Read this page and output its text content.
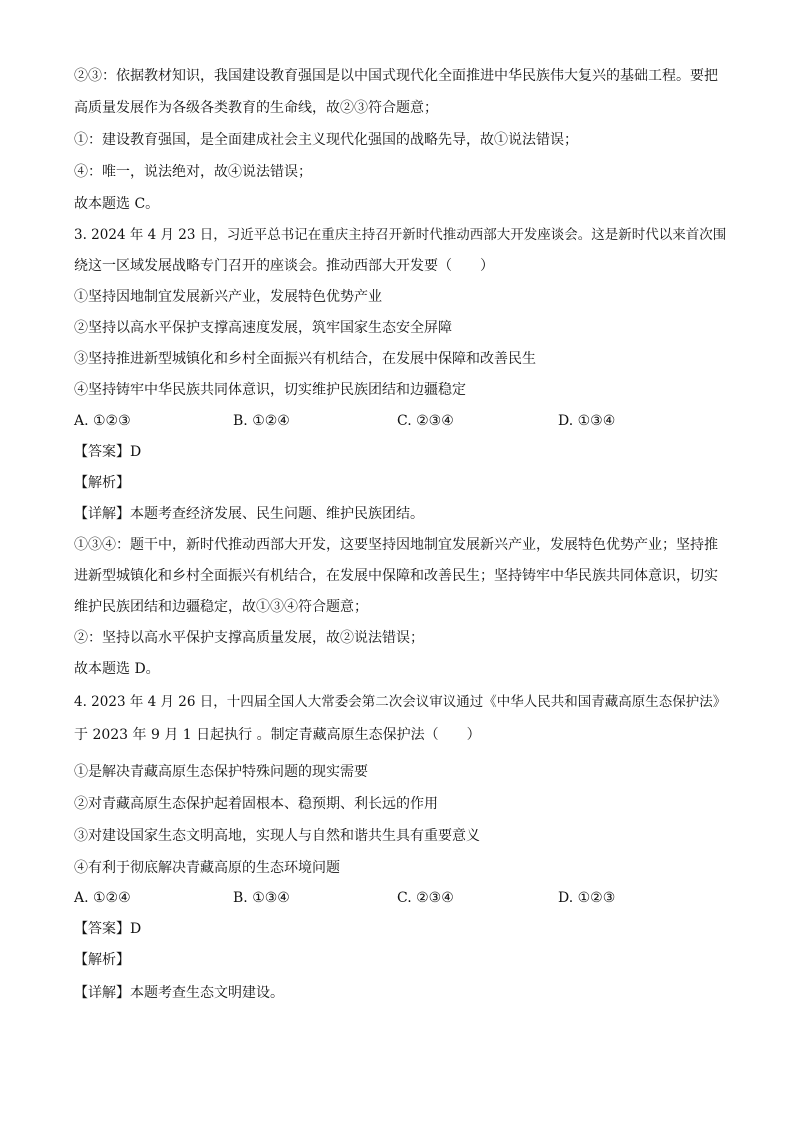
②③：依据教材知识，我国建设教育强国是以中国式现代化全面推进中华民族伟大复兴的基础工程。要把
高质量发展作为各级各类教育的生命线，故②③符合题意；
①：建设教育强国，是全面建成社会主义现代化强国的战略先导，故①说法错误；
④：唯一，说法绝对，故④说法错误；
故本题选 C。
3. 2024 年 4 月 23 日，习近平总书记在重庆主持召开新时代推动西部大开发座谈会。这是新时代以来首次围
绕这一区域发展战略专门召开的座谈会。推动西部大开发要（　　）
①坚持因地制宜发展新兴产业，发展特色优势产业
②坚持以高水平保护支撑高速度发展，筑牢国家生态安全屏障
③坚持推进新型城镇化和乡村全面振兴有机结合，在发展中保障和改善民生
④坚持铸牢中华民族共同体意识，切实维护民族团结和边疆稳定
A. ①②③	B. ①②④	C. ②③④	D. ①③④
【答案】D
【解析】
【详解】本题考查经济发展、民生问题、维护民族团结。
①③④：题干中，新时代推动西部大开发，这要坚持因地制宜发展新兴产业，发展特色优势产业；坚持推
进新型城镇化和乡村全面振兴有机结合，在发展中保障和改善民生；坚持铸牢中华民族共同体意识，切实
维护民族团结和边疆稳定，故①③④符合题意；
②：坚持以高水平保护支撑高质量发展，故②说法错误；
故本题选 D。
4. 2023 年 4 月 26 日，十四届全国人大常委会第二次会议审议通过《中华人民共和国青藏高原生态保护法》
于 2023 年 9 月 1 日起执行 。制定青藏高原生态保护法（　　）
①是解决青藏高原生态保护特殊问题的现实需要
②对青藏高原生态保护起着固根本、稳预期、利长远的作用
③对建设国家生态文明高地，实现人与自然和谐共生具有重要意义
④有利于彻底解决青藏高原的生态环境问题
A. ①②④	B. ①③④	C. ②③④	D. ①②③
【答案】D
【解析】
【详解】本题考查生态文明建设。
